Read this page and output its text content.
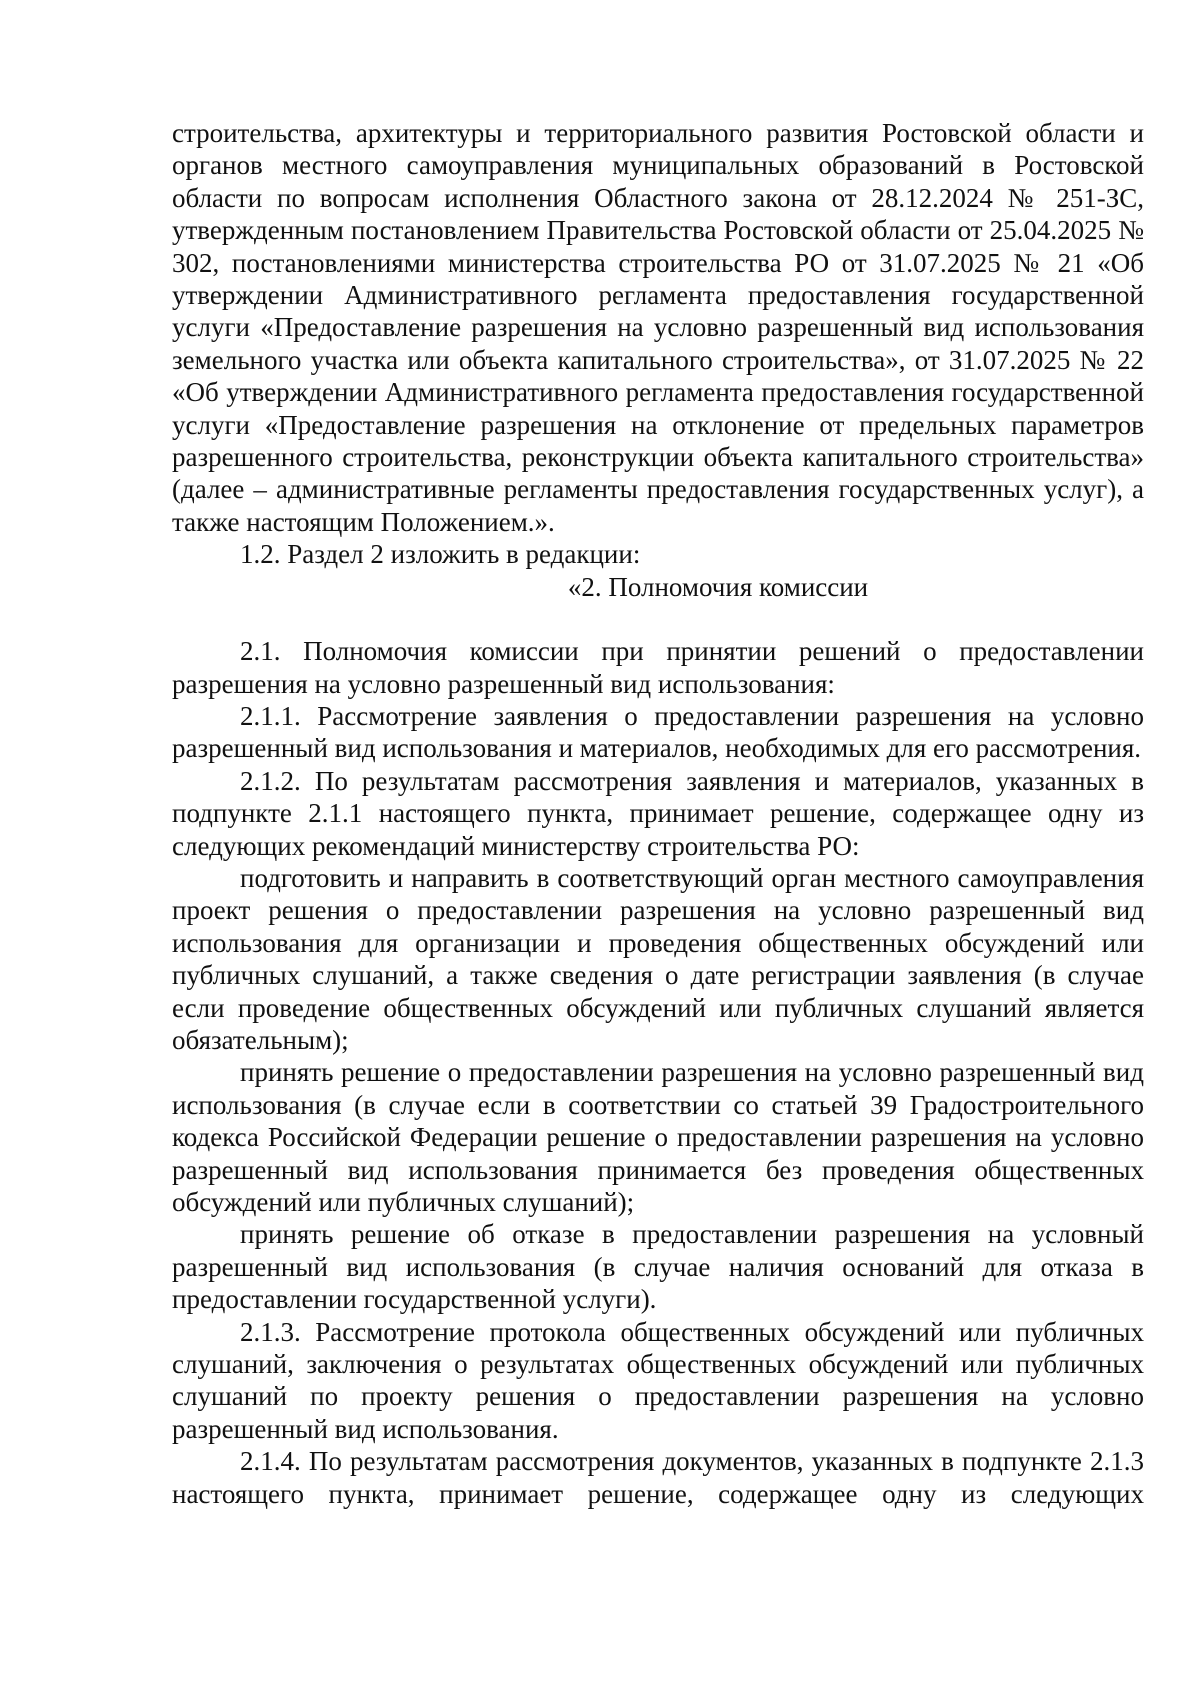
строительства, архитектуры и территориального развития Ростовской области и органов местного самоуправления муниципальных образований в Ростовской области по вопросам исполнения Областного закона от 28.12.2024 № 251-ЗС, утвержденным постановлением Правительства Ростовской области от 25.04.2025 № 302, постановлениями министерства строительства РО от 31.07.2025 № 21 «Об утверждении Административного регламента предоставления государственной услуги «Предоставление разрешения на условно разрешенный вид использования земельного участка или объекта капитального строительства», от 31.07.2025 № 22 «Об утверждении Административного регламента предоставления государственной услуги «Предоставление разрешения на отклонение от предельных параметров разрешенного строительства, реконструкции объекта капитального строительства» (далее – административные регламенты предоставления государственных услуг), а также настоящим Положением.».

1.2. Раздел 2 изложить в редакции:

«2. Полномочия комиссии

2.1. Полномочия комиссии при принятии решений о предоставлении разрешения на условно разрешенный вид использования:

2.1.1. Рассмотрение заявления о предоставлении разрешения на условно разрешенный вид использования и материалов, необходимых для его рассмотрения.

2.1.2. По результатам рассмотрения заявления и материалов, указанных в подпункте 2.1.1 настоящего пункта, принимает решение, содержащее одну из следующих рекомендаций министерству строительства РО:

подготовить и направить в соответствующий орган местного самоуправления проект решения о предоставлении разрешения на условно разрешенный вид использования для организации и проведения общественных обсуждений или публичных слушаний, а также сведения о дате регистрации заявления (в случае если проведение общественных обсуждений или публичных слушаний является обязательным);

принять решение о предоставлении разрешения на условно разрешенный вид использования (в случае если в соответствии со статьей 39 Градостроительного кодекса Российской Федерации решение о предоставлении разрешения на условно разрешенный вид использования принимается без проведения общественных обсуждений или публичных слушаний);

принять решение об отказе в предоставлении разрешения на условный разрешенный вид использования (в случае наличия оснований для отказа в предоставлении государственной услуги).

2.1.3. Рассмотрение протокола общественных обсуждений или публичных слушаний, заключения о результатах общественных обсуждений или публичных слушаний по проекту решения о предоставлении разрешения на условно разрешенный вид использования.

2.1.4. По результатам рассмотрения документов, указанных в подпункте 2.1.3 настоящего пункта, принимает решение, содержащее одну из следующих
